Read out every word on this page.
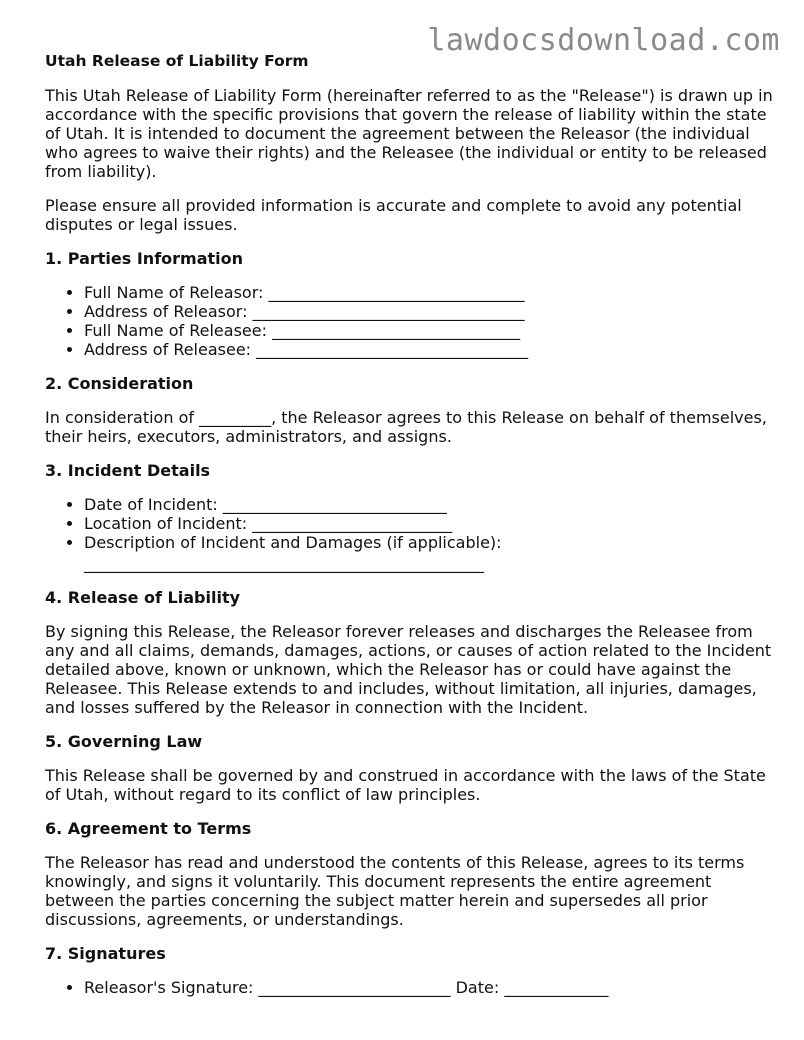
lawdocsdownload.com
Utah Release of Liability Form

This Utah Release of Liability Form (hereinafter referred to as the "Release") is drawn up in accordance with the specific provisions that govern the release of liability within the state of Utah. It is intended to document the agreement between the Releasor (the individual who agrees to waive their rights) and the Releasee (the individual or entity to be released from liability).

Please ensure all provided information is accurate and complete to avoid any potential disputes or legal issues.

1. Parties Information
• Full Name of Releasor: ________________________________
• Address of Releasor: __________________________________
• Full Name of Releasee: _______________________________
• Address of Releasee: __________________________________
2. Consideration

In consideration of _________, the Releasor agrees to this Release on behalf of themselves, their heirs, executors, administrators, and assigns.

3. Incident Details
• Date of Incident: ____________________________
• Location of Incident: _________________________
• Description of Incident and Damages (if applicable):
__________________________________________________
4. Release of Liability

By signing this Release, the Releasor forever releases and discharges the Releasee from any and all claims, demands, damages, actions, or causes of action related to the Incident detailed above, known or unknown, which the Releasor has or could have against the Releasee. This Release extends to and includes, without limitation, all injuries, damages, and losses suffered by the Releasor in connection with the Incident.

5. Governing Law

This Release shall be governed by and construed in accordance with the laws of the State of Utah, without regard to its conflict of law principles.

6. Agreement to Terms

The Releasor has read and understood the contents of this Release, agrees to its terms knowingly, and signs it voluntarily. This document represents the entire agreement between the parties concerning the subject matter herein and supersedes all prior discussions, agreements, or understandings.

7. Signatures
• Releasor's Signature: ________________________ Date: _____________
